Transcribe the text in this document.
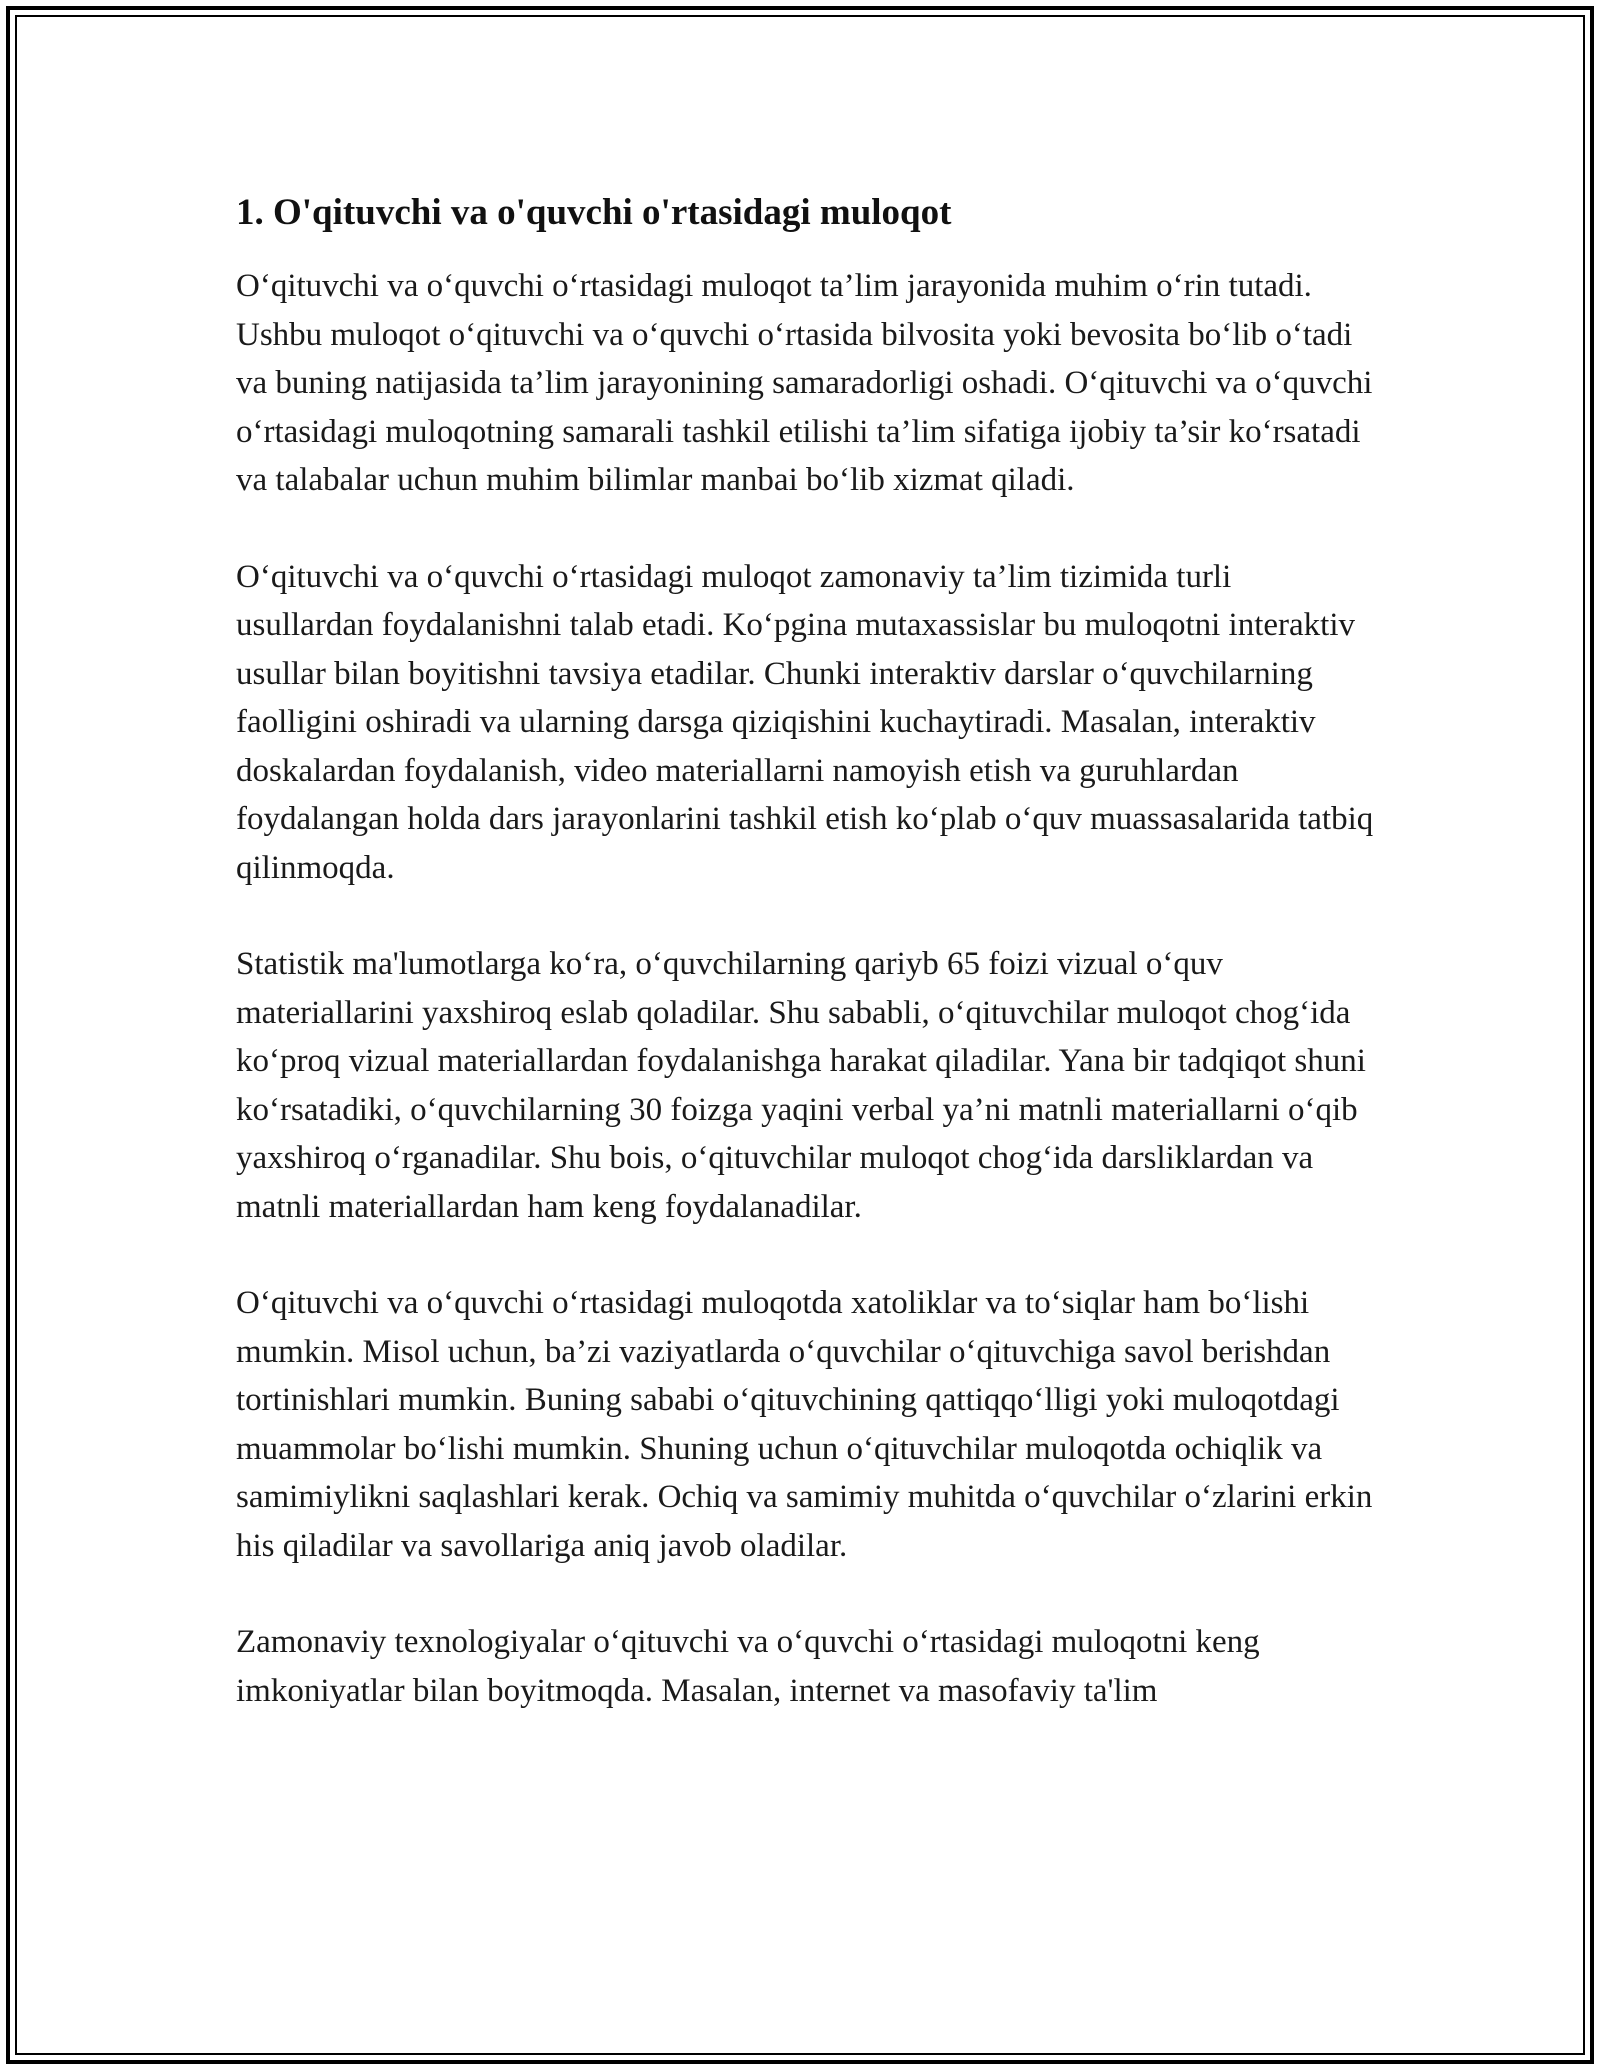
1. O'qituvchi va o'quvchi o'rtasidagi muloqot

O‘qituvchi va o‘quvchi o‘rtasidagi muloqot ta’lim jarayonida muhim o‘rin tutadi. Ushbu muloqot o‘qituvchi va o‘quvchi o‘rtasida bilvosita yoki bevosita bo‘lib o‘tadi va buning natijasida ta’lim jarayonining samaradorligi oshadi. O‘qituvchi va o‘quvchi o‘rtasidagi muloqotning samarali tashkil etilishi ta’lim sifatiga ijobiy ta’sir ko‘rsatadi va talabalar uchun muhim bilimlar manbai bo‘lib xizmat qiladi.

O‘qituvchi va o‘quvchi o‘rtasidagi muloqot zamonaviy ta’lim tizimida turli usullardan foydalanishni talab etadi. Ko‘pgina mutaxassislar bu muloqotni interaktiv usullar bilan boyitishni tavsiya etadilar. Chunki interaktiv darslar o‘quvchilarning faolligini oshiradi va ularning darsga qiziqishini kuchaytiradi. Masalan, interaktiv doskalardan foydalanish, video materiallarni namoyish etish va guruhlardan foydalangan holda dars jarayonlarini tashkil etish ko‘plab o‘quv muassasalarida tatbiq qilinmoqda.

Statistik ma'lumotlarga ko‘ra, o‘quvchilarning qariyb 65 foizi vizual o‘quv materiallarini yaxshiroq eslab qoladilar. Shu sababli, o‘qituvchilar muloqot chog‘ida ko‘proq vizual materiallardan foydalanishga harakat qiladilar. Yana bir tadqiqot shuni ko‘rsatadiki, o‘quvchilarning 30 foizga yaqini verbal ya’ni matnli materiallarni o‘qib yaxshiroq o‘rganadilar. Shu bois, o‘qituvchilar muloqot chog‘ida darsliklardan va matnli materiallardan ham keng foydalanadilar.

O‘qituvchi va o‘quvchi o‘rtasidagi muloqotda xatoliklar va to‘siqlar ham bo‘lishi mumkin. Misol uchun, ba’zi vaziyatlarda o‘quvchilar o‘qituvchiga savol berishdan tortinishlari mumkin. Buning sababi o‘qituvchining qattiqqo‘lligi yoki muloqotdagi muammolar bo‘lishi mumkin. Shuning uchun o‘qituvchilar muloqotda ochiqlik va samimiylikni saqlashlari kerak. Ochiq va samimiy muhitda o‘quvchilar o‘zlarini erkin his qiladilar va savollariga aniq javob oladilar.

Zamonaviy texnologiyalar o‘qituvchi va o‘quvchi o‘rtasidagi muloqotni keng imkoniyatlar bilan boyitmoqda. Masalan, internet va masofaviy ta'lim
